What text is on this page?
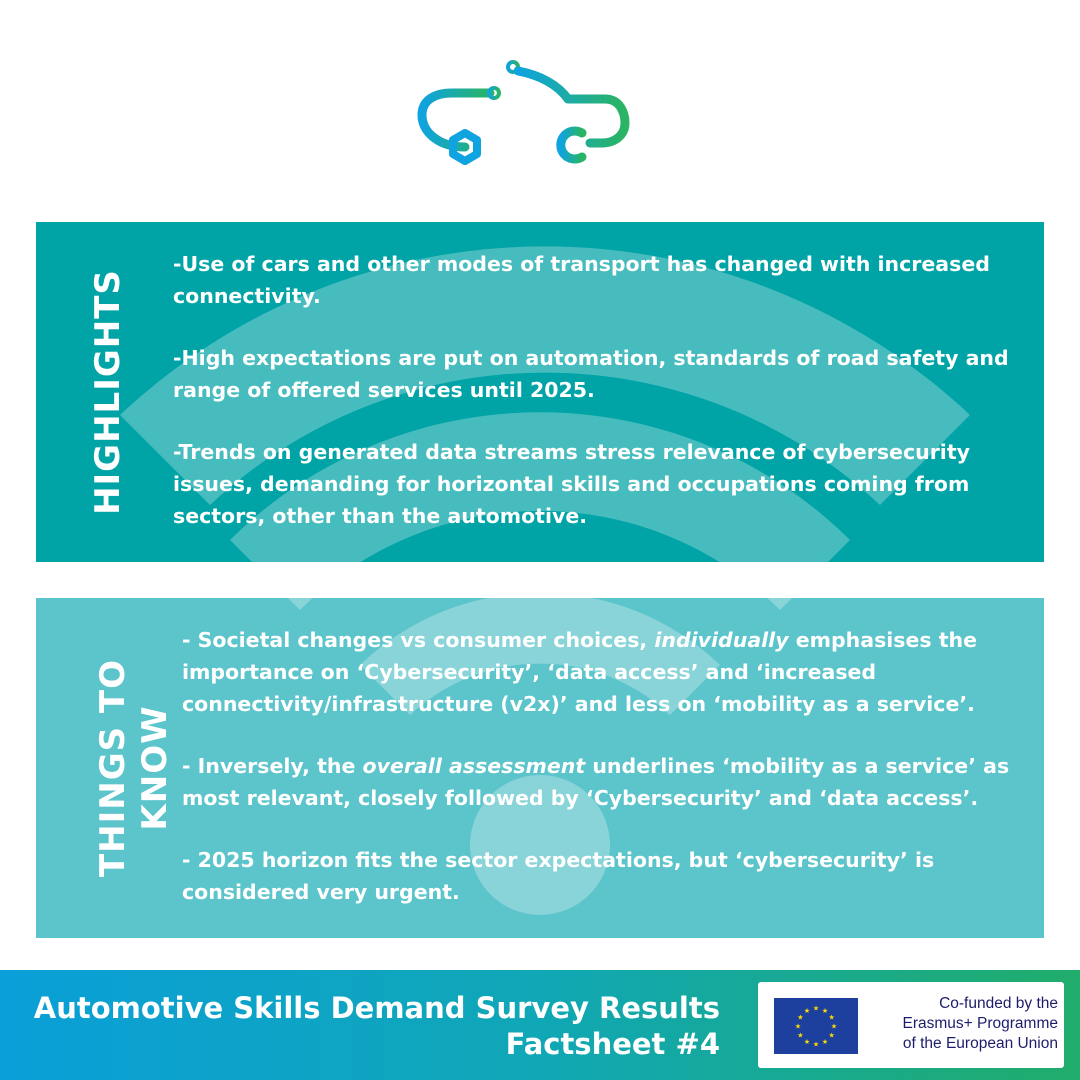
HIGHLIGHTS

-Use of cars and other modes of transport has changed with increased connectivity.

-High expectations are put on automation, standards of road safety and range of offered services until 2025.

-Trends on generated data streams stress relevance of cybersecurity issues, demanding for horizontal skills and occupations coming from sectors, other than the automotive.

THINGS TO KNOW

- Societal changes vs consumer choices, individually emphasises the importance on ‘Cybersecurity’, ‘data access’ and ‘increased connectivity/infrastructure (v2x)’ and less on ‘mobility as a service’.

- Inversely, the overall assessment underlines ‘mobility as a service’ as most relevant, closely followed by ‘Cybersecurity’ and ‘data access’.

- 2025 horizon fits the sector expectations, but ‘cybersecurity’ is considered very urgent.

Automotive Skills Demand Survey Results
Factsheet #4
★ ★
★
★
★
★
★
★
★
★
★
★	Co-funded by the
Erasmus+ Programme
of the European Union
